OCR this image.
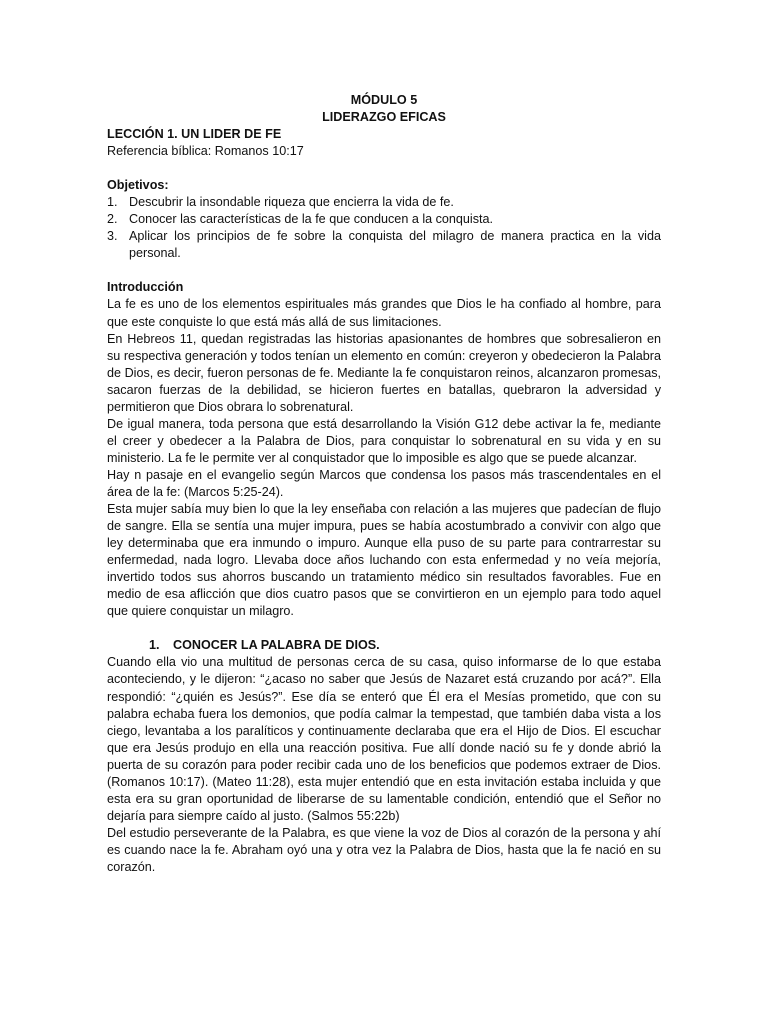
MÓDULO 5
LIDERAZGO EFICAS
LECCIÓN 1. UN LIDER DE FE
Referencia bíblica: Romanos 10:17
Objetivos:
1. Descubrir la insondable riqueza que encierra la vida de fe.
2. Conocer las características de la fe que conducen a la conquista.
3. Aplicar los principios de fe sobre la conquista del milagro de manera practica en la vida personal.
Introducción

La fe es uno de los elementos espirituales más grandes que Dios le ha confiado al hombre, para que este conquiste lo que está más allá de sus limitaciones.

En Hebreos 11, quedan registradas las historias apasionantes de hombres que sobresalieron en su respectiva generación y todos tenían un elemento en común: creyeron y obedecieron la Palabra de Dios, es decir, fueron personas de fe. Mediante la fe conquistaron reinos, alcanzaron promesas, sacaron fuerzas de la debilidad, se hicieron fuertes en batallas, quebraron la adversidad y permitieron que Dios obrara lo sobrenatural.

De igual manera, toda persona que está desarrollando la Visión G12 debe activar la fe, mediante el creer y obedecer a la Palabra de Dios, para conquistar lo sobrenatural en su vida y en su ministerio. La fe le permite ver al conquistador que lo imposible es algo que se puede alcanzar.

Hay n pasaje en el evangelio según Marcos que condensa los pasos más trascendentales en el área de la fe: (Marcos 5:25-24).

Esta mujer sabía muy bien lo que la ley enseñaba con relación a las mujeres que padecían de flujo de sangre. Ella se sentía una mujer impura, pues se había acostumbrado a convivir con algo que ley determinaba que era inmundo o impuro. Aunque ella puso de su parte para contrarrestar su enfermedad, nada logro. Llevaba doce años luchando con esta enfermedad y no veía mejoría, invertido todos sus ahorros buscando un tratamiento médico sin resultados favorables. Fue en medio de esa aflicción que dios cuatro pasos que se convirtieron en un ejemplo para todo aquel que quiere conquistar un milagro.

1. CONOCER LA PALABRA DE DIOS.

Cuando ella vio una multitud de personas cerca de su casa, quiso informarse de lo que estaba aconteciendo, y le dijeron: “¿acaso no saber que Jesús de Nazaret está cruzando por acá?”. Ella respondió: “¿quién es Jesús?”. Ese día se enteró que Él era el Mesías prometido, que con su palabra echaba fuera los demonios, que podía calmar la tempestad, que también daba vista a los ciego, levantaba a los paralíticos y continuamente declaraba que era el Hijo de Dios. El escuchar que era Jesús produjo en ella una reacción positiva. Fue allí donde nació su fe y donde abrió la puerta de su corazón para poder recibir cada uno de los beneficios que podemos extraer de Dios. (Romanos 10:17). (Mateo 11:28), esta mujer entendió que en esta invitación estaba incluida y que esta era su gran oportunidad de liberarse de su lamentable condición, entendió que el Señor no dejaría para siempre caído al justo. (Salmos 55:22b)

Del estudio perseverante de la Palabra, es que viene la voz de Dios al corazón de la persona y ahí es cuando nace la fe. Abraham oyó una y otra vez la Palabra de Dios, hasta que la fe nació en su corazón.
